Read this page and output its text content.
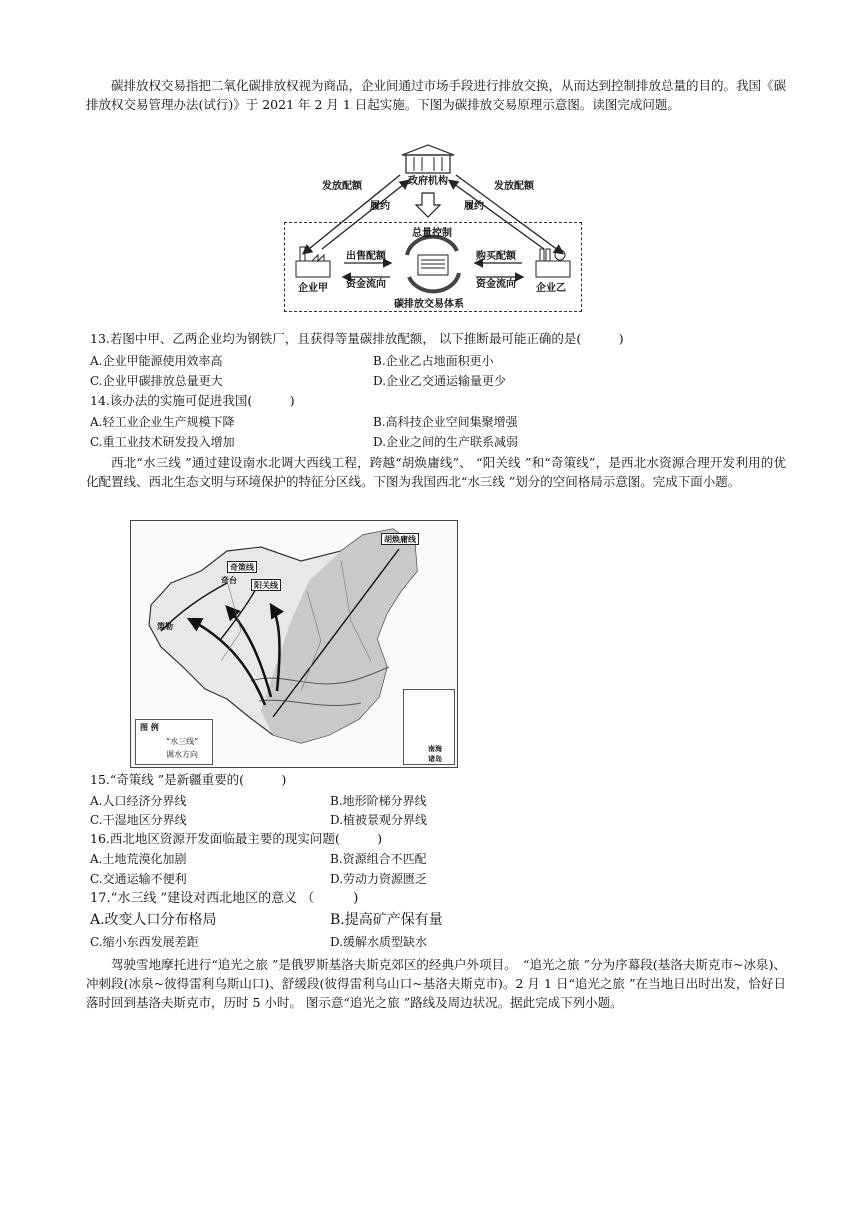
碳排放权交易指把二氧化碳排放权视为商品，企业间通过市场手段进行排放交换，从而达到控制排放总量的目的。我国《碳排放权交易管理办法(试行)》于 2021 年 2 月 1 日起实施。下图为碳排放交易原理示意图。读图完成问题。

政府机构
发放配额	发放配额
履约	履约
总量控制
出售配额	购买配额
资金流向	资金流向
企业甲	企业乙
碳排放交易体系

13.若图中甲、乙两企业均为钢铁厂，且获得等量碳排放配额， 以下推断最可能正确的是(　　　)

A.企业甲能源使用效率高	B.企业乙占地面积更小
C.企业甲碳排放总量更大	D.企业乙交通运输量更少

14.该办法的实施可促进我国(　　　)

A.轻工业企业生产规模下降	B.高科技企业空间集聚增强
C.重工业技术研发投入增加	D.企业之间的生产联系减弱

西北“水三线 ”通过建设南水北调大西线工程，跨越“胡焕庸线”、 “阳关线 ”和“奇策线”，是西北水资源合理开发利用的优化配置线、西北生态文明与环境保护的特征分区线。下图为我国西北“水三线 ”划分的空间格局示意图。完成下面小题。

胡焕庸线
奇策线
阳关线
奇台
策勒
图 例
“水三线”
调水方向
南海诸岛

15.“奇策线 ”是新疆重要的(　　　)

A.人口经济分界线	B.地形阶梯分界线
C.干湿地区分界线	D.植被景观分界线

16.西北地区资源开发面临最主要的现实问题(　　　)

A.土地荒漠化加剧	B.资源组合不匹配
C.交通运输不便利	D.劳动力资源匮乏

17.“水三线 ”建设对西北地区的意义 （　　　)

A.改变人口分布格局	B.提高矿产保有量
C.缩小东西发展差距	D.缓解水质型缺水

驾驶雪地摩托进行“追光之旅 ”是俄罗斯基洛夫斯克郊区的经典户外项目。　“追光之旅 ”分为序幕段(基洛夫斯克市~冰泉)、冲刺段(冰泉~彼得雷利乌斯山口)、舒缓段(彼得雷利乌山口~基洛夫斯克市)。2 月 1 日“追光之旅 ”在当地日出时出发，恰好日落时回到基洛夫斯克市，历时 5 小时。 图示意“追光之旅 ”路线及周边状况。据此完成下列小题。
